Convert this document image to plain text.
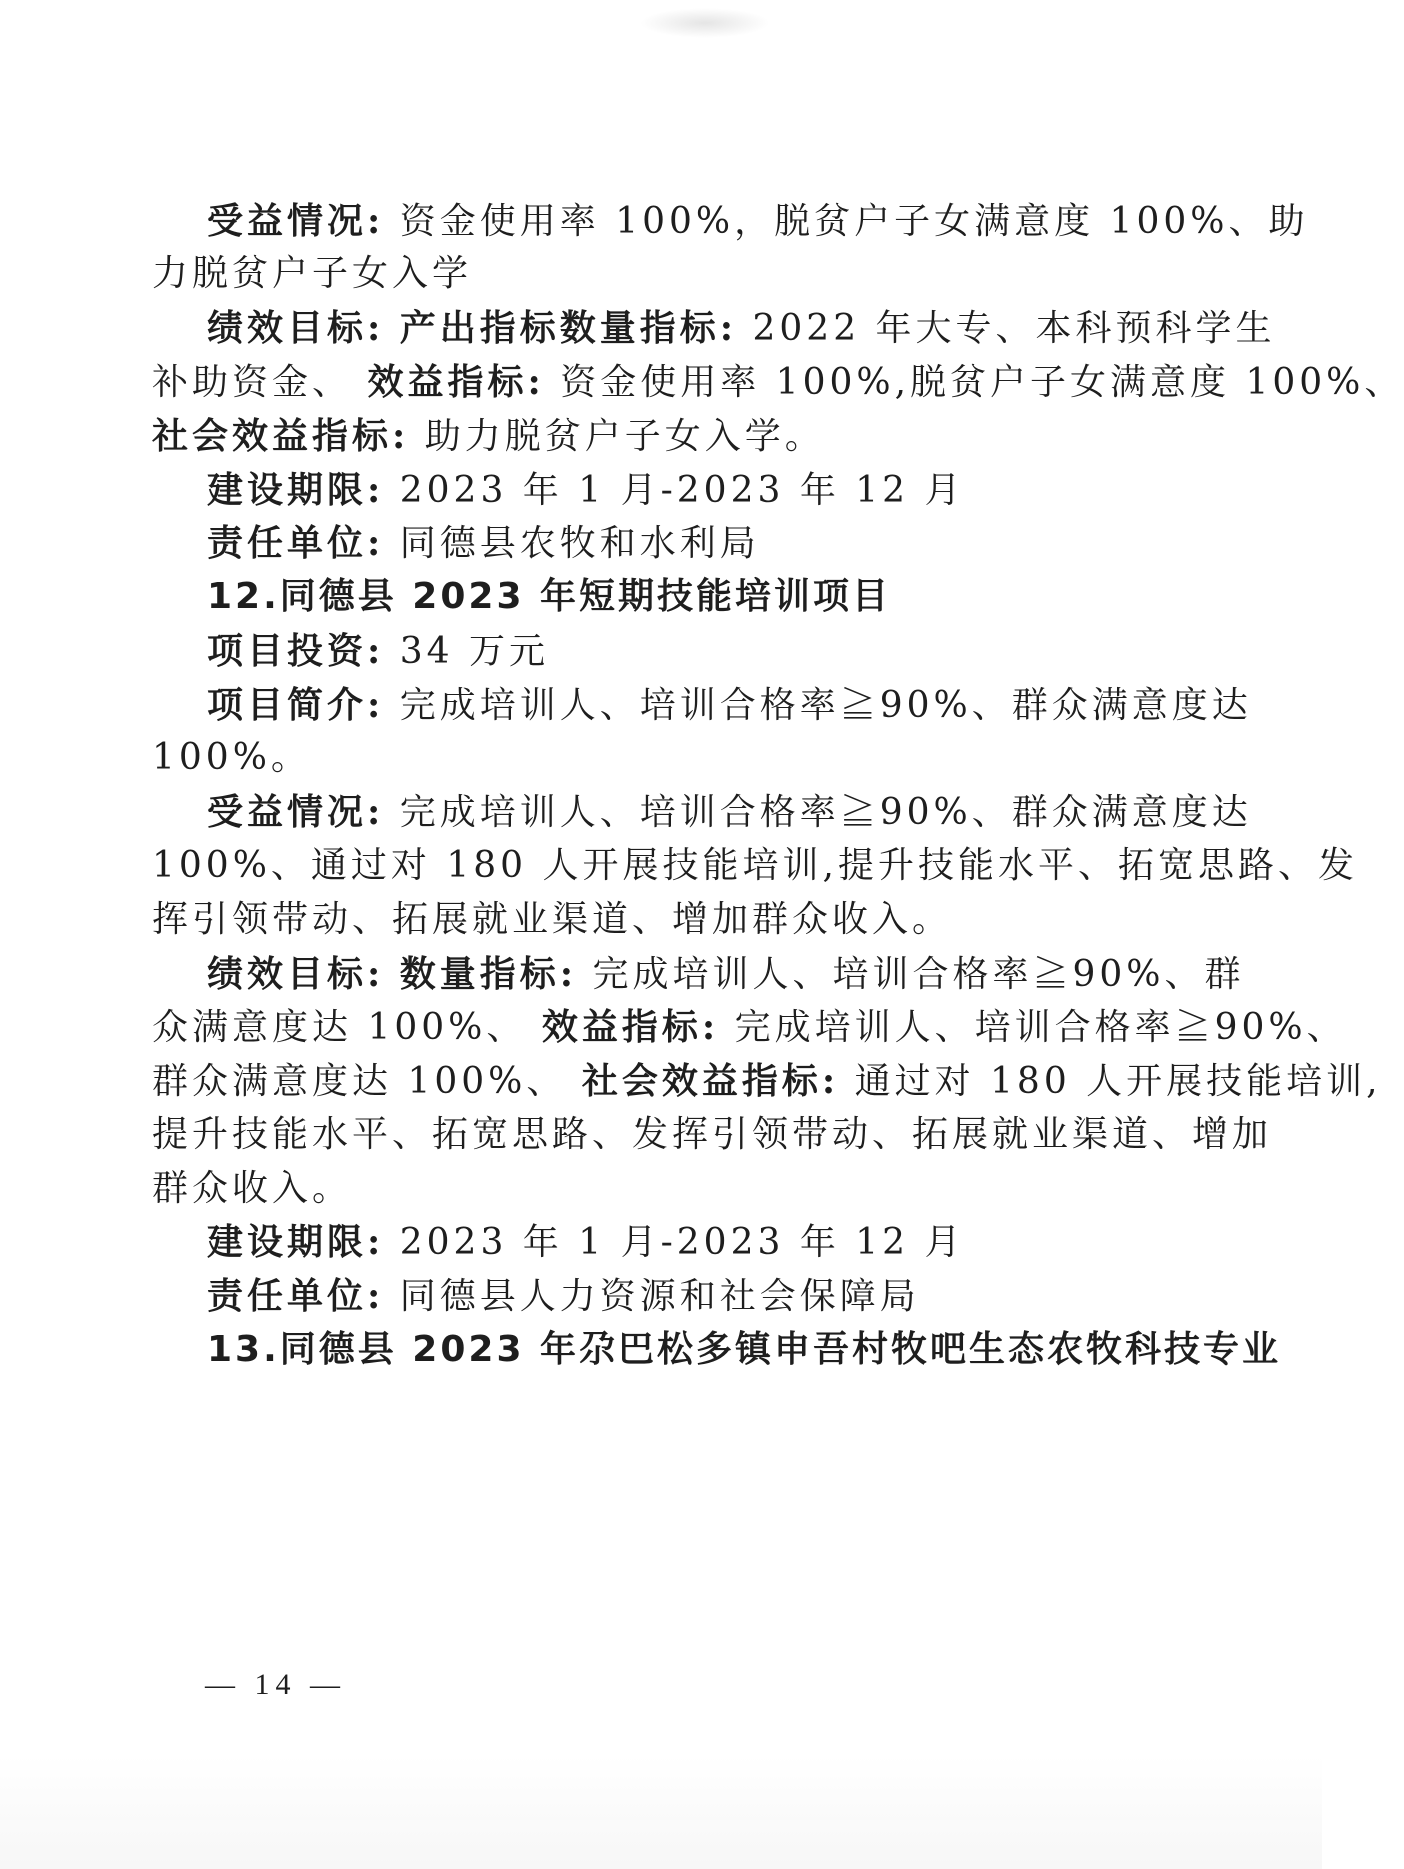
受益情况: 资金使用率 100%，脱贫户子女满意度 100%、助
力脱贫户子女入学
绩效目标: 产出指标数量指标: 2022 年大专、本科预科学生
补助资金、 效益指标: 资金使用率 100%,脱贫户子女满意度 100%、
社会效益指标: 助力脱贫户子女入学。
建设期限: 2023 年 1 月-2023 年 12 月
责任单位: 同德县农牧和水利局
12.同德县 2023 年短期技能培训项目
项目投资: 34 万元
项目简介: 完成培训人、培训合格率≧90%、群众满意度达
100%。
受益情况: 完成培训人、培训合格率≧90%、群众满意度达
100%、通过对 180 人开展技能培训,提升技能水平、拓宽思路、发
挥引领带动、拓展就业渠道、增加群众收入。
绩效目标: 数量指标: 完成培训人、培训合格率≧90%、群
众满意度达 100%、 效益指标: 完成培训人、培训合格率≧90%、
群众满意度达 100%、 社会效益指标: 通过对 180 人开展技能培训,
提升技能水平、拓宽思路、发挥引领带动、拓展就业渠道、增加
群众收入。
建设期限: 2023 年 1 月-2023 年 12 月
责任单位: 同德县人力资源和社会保障局
13.同德县 2023 年尕巴松多镇申吾村牧吧生态农牧科技专业
— 14 —
